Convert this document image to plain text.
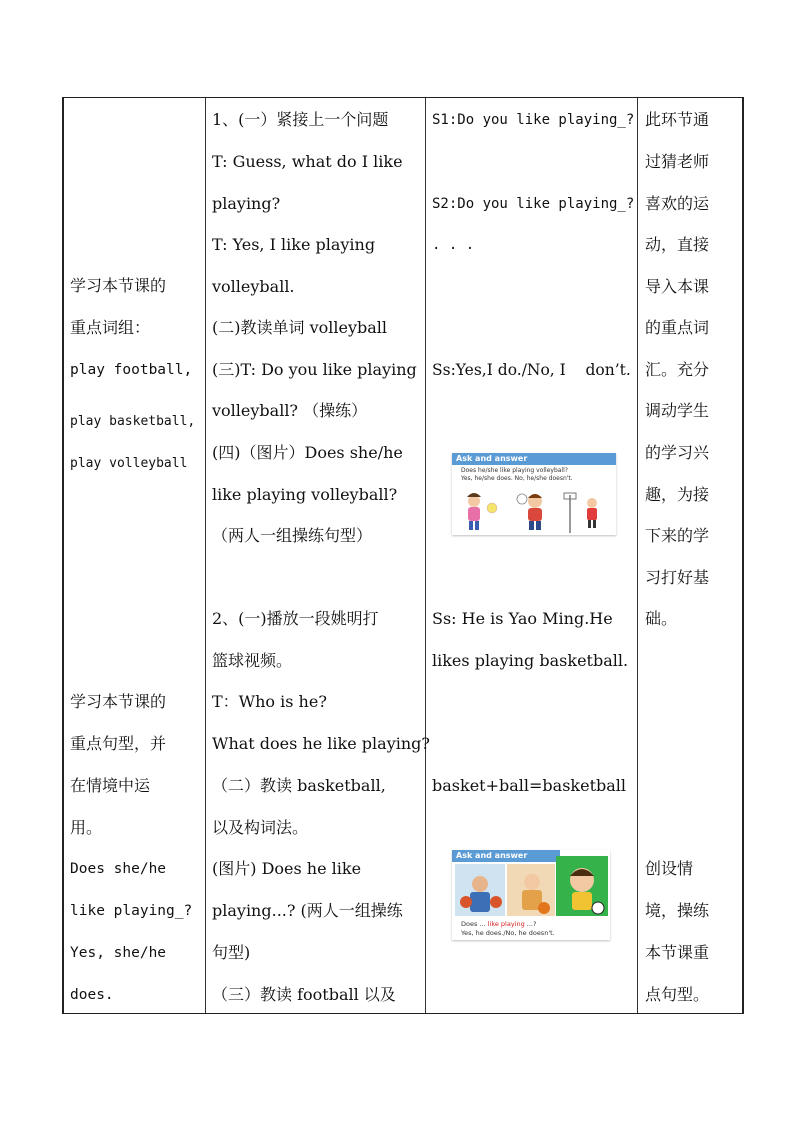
学习本节课的
重点词组：
play football,
play basketball,
play volleyball
学习本节课的
重点句型，并
在情境中运
用。
Does she/he
like playing_?
Yes, she/he
does.
1、(一）紧接上一个问题
T: Guess, what do I like
playing?
T: Yes, I like playing
volleyball.
(二)教读单词 volleyball
(三)T: Do you like playing
volleyball? （操练）
(四)（图片）Does she/he
like playing volleyball?
（两人一组操练句型）
2、(一)播放一段姚明打
篮球视频。
T：Who is he?
What does he like playing?
（二）教读 basketball,
以及构词法。
(图片) Does he like
playing...? (两人一组操练
句型)
（三）教读 football 以及
S1:Do you like playing_?
S2:Do you like playing_?
. . .
Ss:Yes,I do./No, I    don’t.
Ask and answer
Does he/she like playing volleyball?
Yes, he/she does. No, he/she doesn't.
Ss: He is Yao Ming.He
likes playing basketball.
basket+ball=basketball
Ask and answer
Does ... like playing ...?
Yes, he does./No, he doesn't.
此环节通
过猜老师
喜欢的运
动，直接
导入本课
的重点词
汇。充分
调动学生
的学习兴
趣，为接
下来的学
习打好基
础。
创设情
境，操练
本节课重
点句型。
